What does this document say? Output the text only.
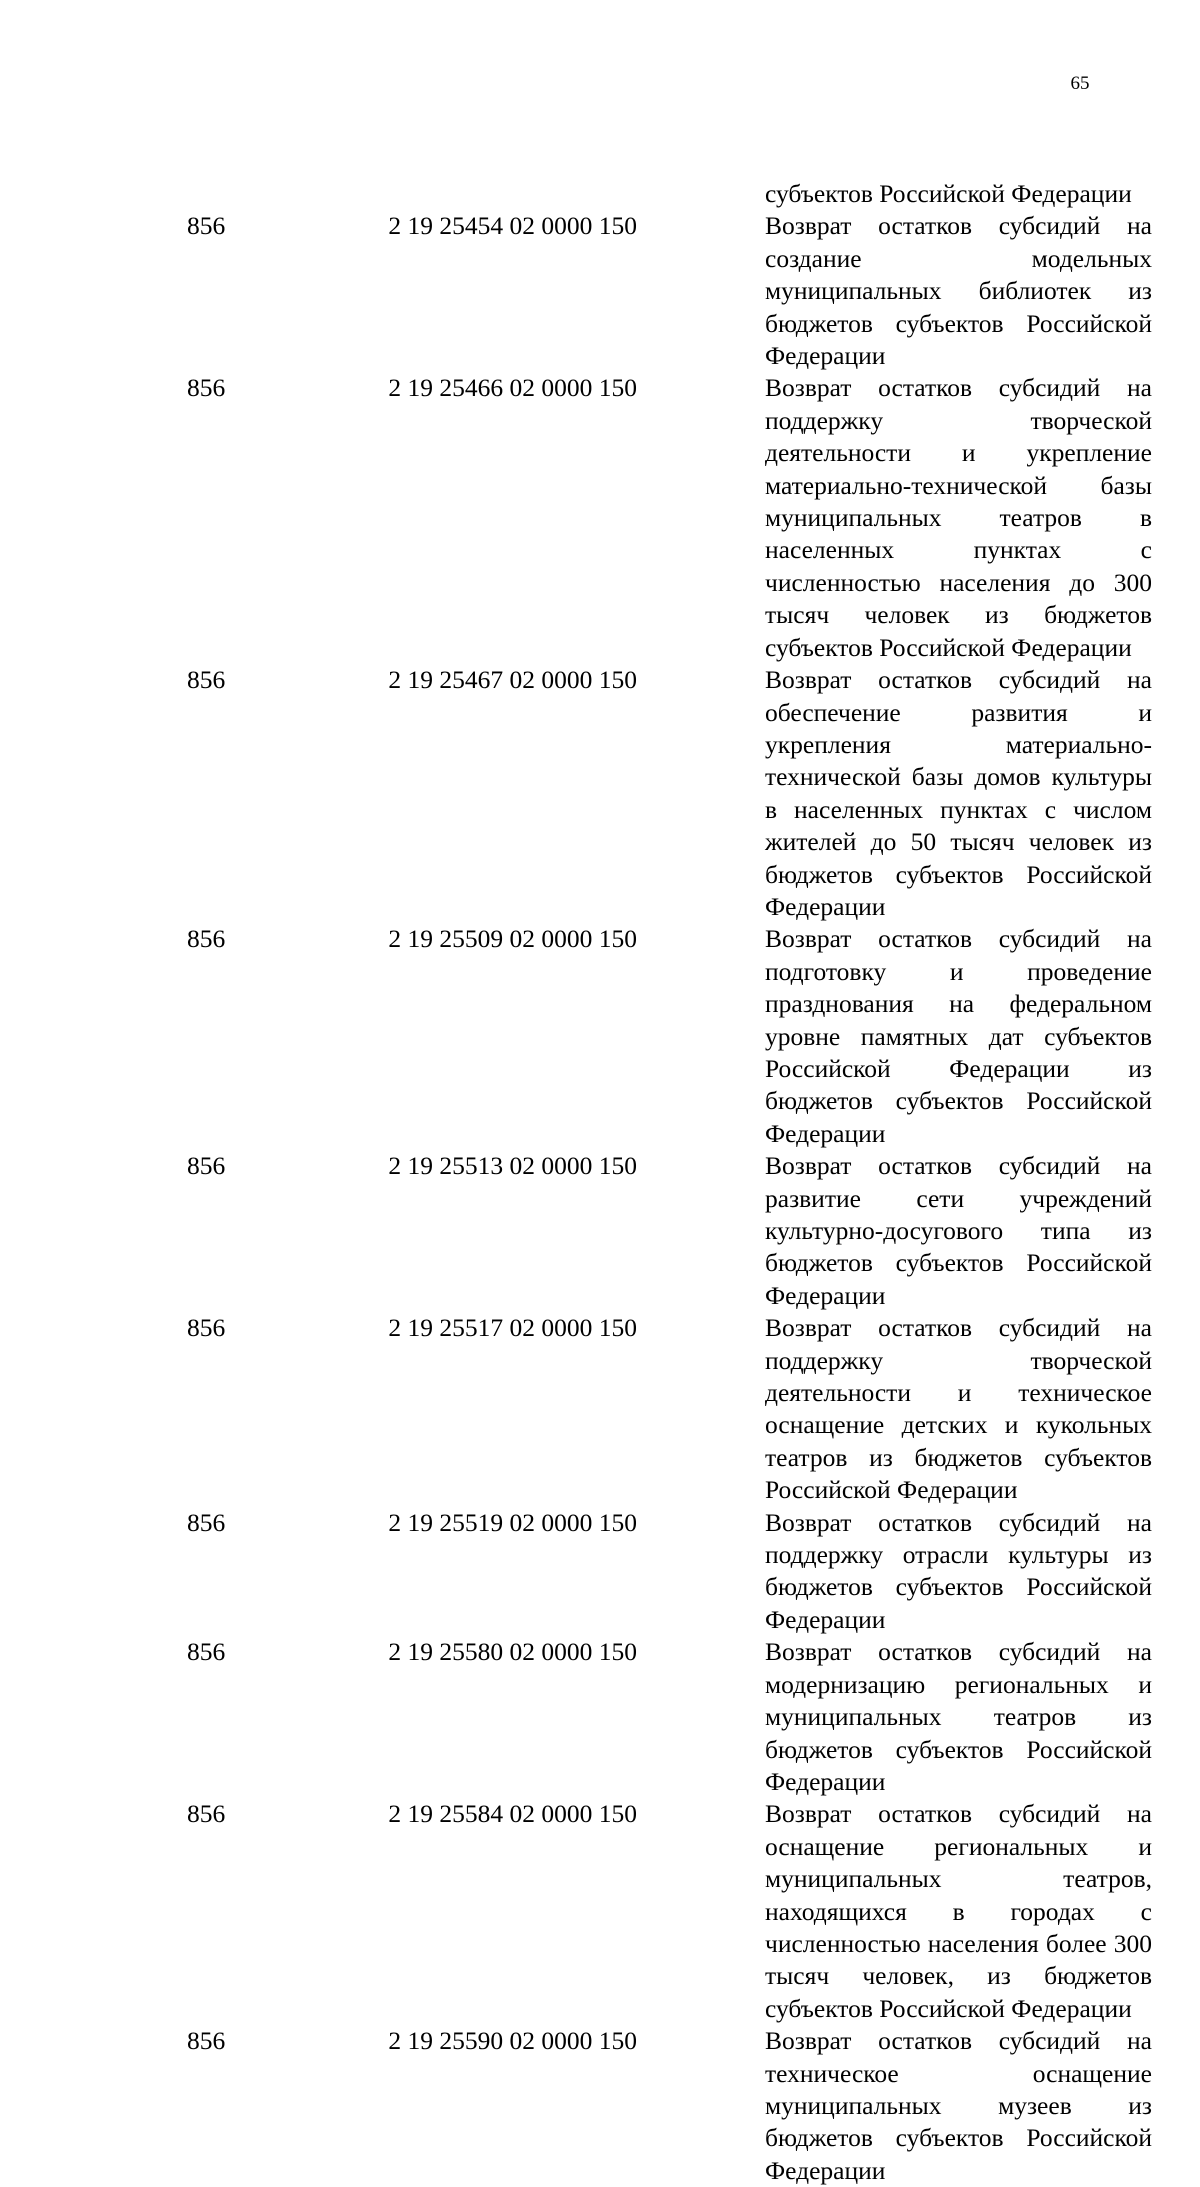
65

	субъектов Российской Федерации
856	2 19 25454 02 0000 150	Возврат остатков субсидий на создание модельных муниципальных библиотек из бюджетов субъектов Российской Федерации
856	2 19 25466 02 0000 150	Возврат остатков субсидий на поддержку творческой деятельности и укрепление материально-технической базы муниципальных театров в населенных пунктах с численностью населения до 300 тысяч человек из бюджетов субъектов Российской Федерации
856	2 19 25467 02 0000 150	Возврат остатков субсидий на обеспечение развития и укрепления материально-технической базы домов культуры в населенных пунктах с числом жителей до 50 тысяч человек из бюджетов субъектов Российской Федерации
856	2 19 25509 02 0000 150	Возврат остатков субсидий на подготовку и проведение празднования на федеральном уровне памятных дат субъектов Российской Федерации из бюджетов субъектов Российской Федерации
856	2 19 25513 02 0000 150	Возврат остатков субсидий на развитие сети учреждений культурно-досугового типа из бюджетов субъектов Российской Федерации
856	2 19 25517 02 0000 150	Возврат остатков субсидий на поддержку творческой деятельности и техническое оснащение детских и кукольных театров из бюджетов субъектов Российской Федерации
856	2 19 25519 02 0000 150	Возврат остатков субсидий на поддержку отрасли культуры из бюджетов субъектов Российской Федерации
856	2 19 25580 02 0000 150	Возврат остатков субсидий на модернизацию региональных и муниципальных театров из бюджетов субъектов Российской Федерации
856	2 19 25584 02 0000 150	Возврат остатков субсидий на оснащение региональных и муниципальных театров, находящихся в городах с численностью населения более 300 тысяч человек, из бюджетов субъектов Российской Федерации
856	2 19 25590 02 0000 150	Возврат остатков субсидий на техническое оснащение муниципальных музеев из бюджетов субъектов Российской Федерации
